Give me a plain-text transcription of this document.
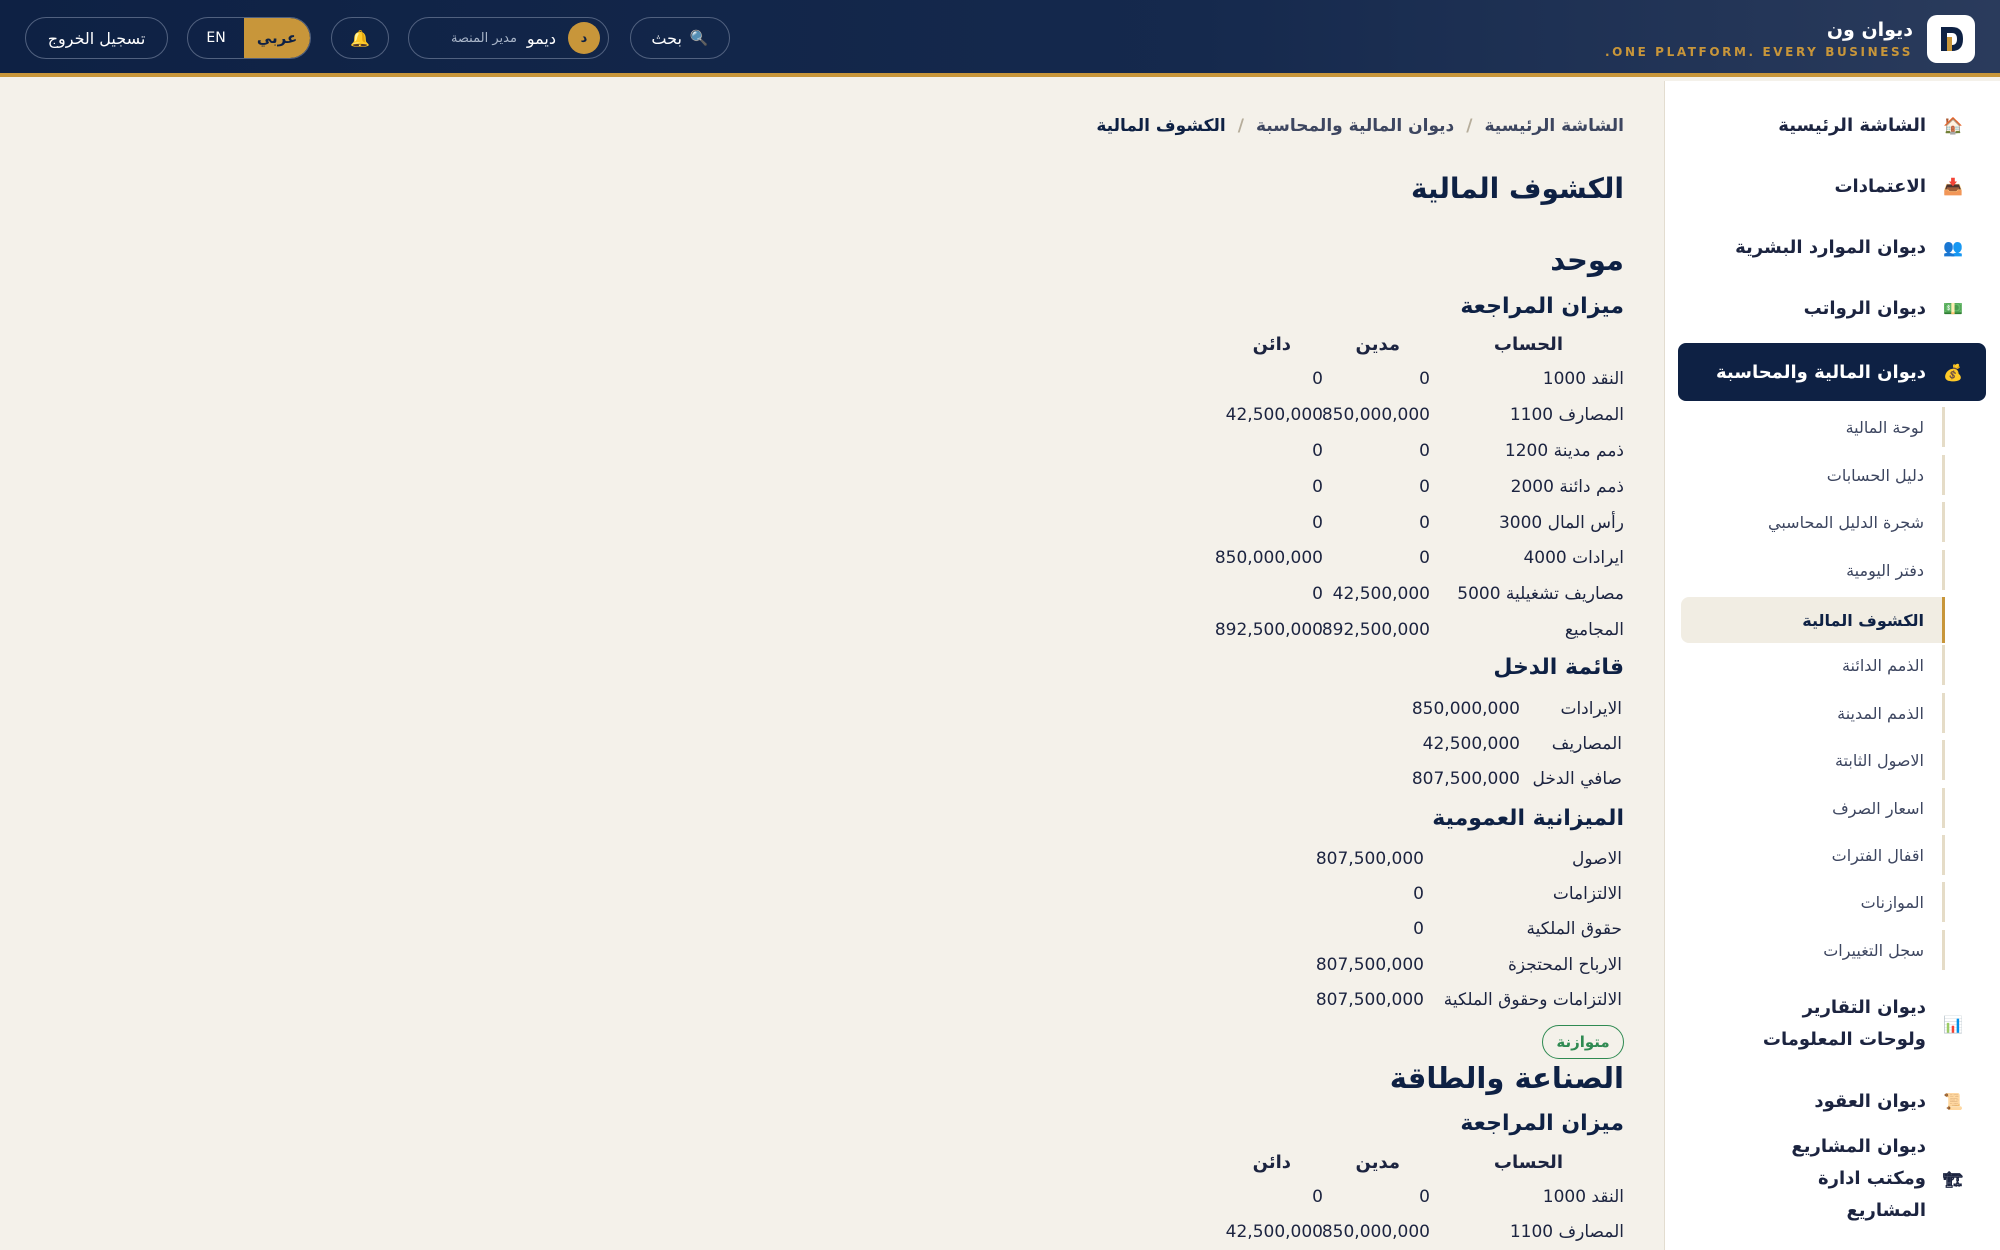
ديوان ون
.ONE PLATFORM. EVERY BUSINESS
🔍
بحث
د
ديمو
مدير المنصة
🔔
عربي
EN
تسجيل الخروج
🏠
الشاشة الرئيسية
📥
الاعتمادات
👥
ديوان الموارد البشرية
💵
ديوان الرواتب
💰
ديوان المالية والمحاسبة
لوحة المالية
دليل الحسابات
شجرة الدليل المحاسبي
دفتر اليومية
الكشوف المالية
الذمم الدائنة
الذمم المدينة
الاصول الثابتة
اسعار الصرف
اقفال الفترات
الموازنات
سجل التغييرات
📊
ديوان التقارير ولوحات المعلومات
📜
ديوان العقود
🏗
ديوان المشاريع ومكتب ادارة المشاريع
الشاشة الرئيسية
/
ديوان المالية والمحاسبة
/
الكشوف المالية
الكشوف المالية
موحد
ميزان المراجعة
الحساب
مدين
دائن
النقد 1000
0
0
المصارف 1100
850,000,000
42,500,000
ذمم مدينة 1200
0
0
ذمم دائنة 2000
0
0
رأس المال 3000
0
0
ايرادات 4000
0
850,000,000
مصاريف تشغيلية 5000
42,500,000
0
المجاميع
892,500,000
892,500,000
قائمة الدخل
الايرادات
850,000,000
المصاريف
42,500,000
صافي الدخل
807,500,000
الميزانية العمومية
الاصول
807,500,000
الالتزامات
0
حقوق الملكية
0
الارباح المحتجزة
807,500,000
الالتزامات وحقوق الملكية
807,500,000
متوازنة
الصناعة والطاقة
ميزان المراجعة
الحساب
مدين
دائن
النقد 1000
0
0
المصارف 1100
850,000,000
42,500,000
